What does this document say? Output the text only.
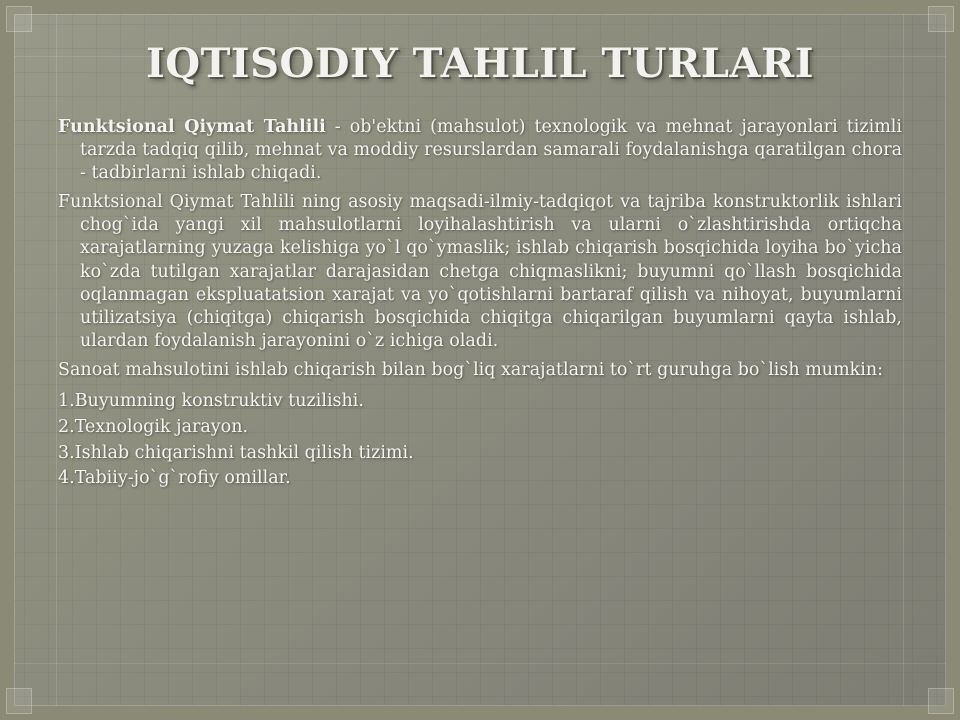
IQTISODIY TAHLIL TURLARI

Funktsional Qiymat Tahlili - ob'ektni (mahsulot) texnologik va mehnat jarayonlari tizimli tarzda tadqiq qilib, mehnat va moddiy resurslardan samarali foydalanishga qaratilgan chora - tadbirlarni ishlab chiqadi.

Funktsional Qiymat Tahlili ning asosiy maqsadi-ilmiy-tadqiqot va tajriba konstruktorlik ishlari chog`ida yangi xil mahsulotlarni loyihalashtirish va ularni o`zlashtirishda ortiqcha xarajatlarning yuzaga kelishiga yo`l qo`ymaslik; ishlab chiqarish bosqichida loyiha bo`yicha ko`zda tutilgan xarajatlar darajasidan chetga chiqmaslikni; buyumni qo`llash bosqichida oqlanmagan ekspluatatsion xarajat va yo`qotishlarni bartaraf qilish va nihoyat, buyumlarni utilizatsiya (chiqitga) chiqarish bosqichida chiqitga chiqarilgan buyumlarni qayta ishlab, ulardan foydalanish jarayonini o`z ichiga oladi.

Sanoat mahsulotini ishlab chiqarish bilan bog`liq xarajatlarni to`rt guruhga bo`lish mumkin:

1.Buyumning konstruktiv tuzilishi.
2.Texnologik jarayon.
3.Ishlab chiqarishni tashkil qilish tizimi.
4.Tabiiy-jo`g`rofiy omillar.
